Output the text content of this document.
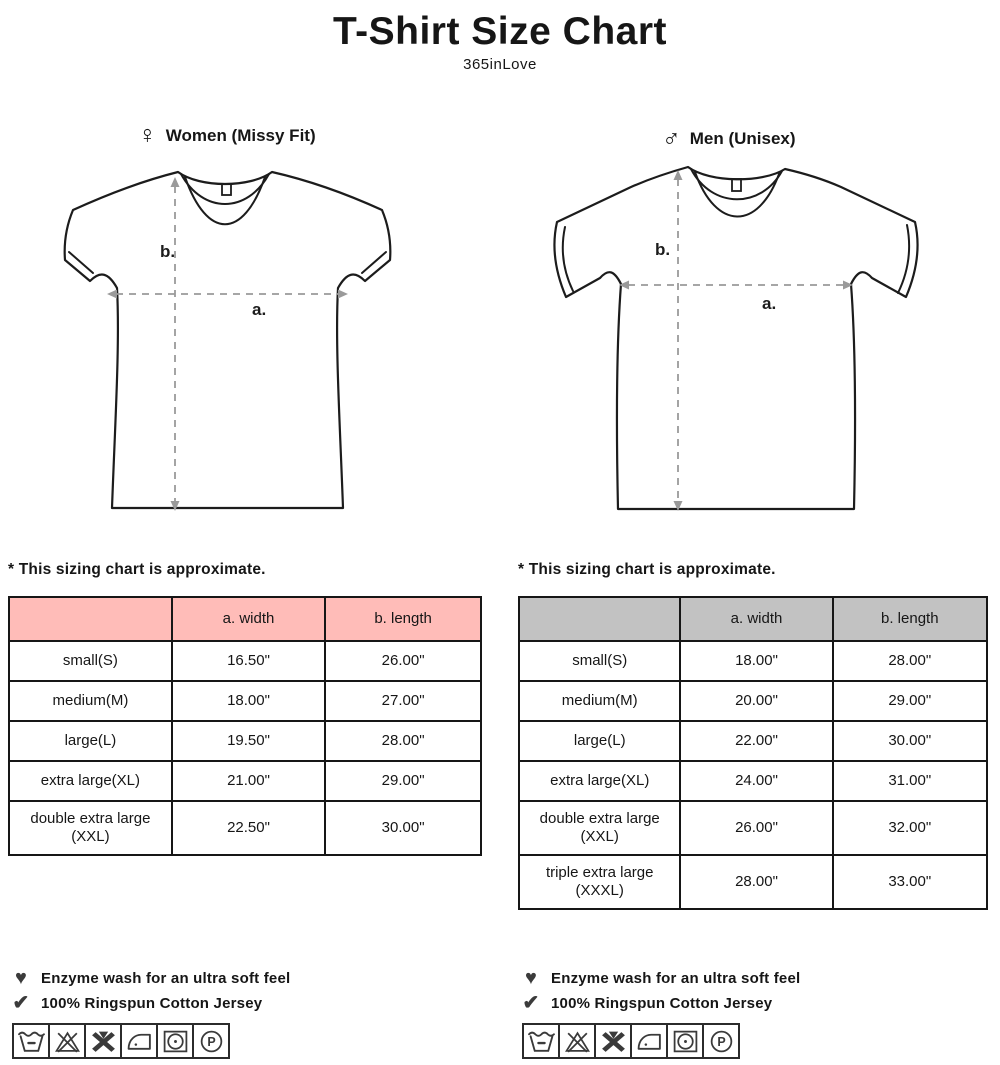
T-Shirt Size Chart
365inLove
♀ Women (Missy Fit)	♂ Men (Unisex)
b.
a.
b.
a.
* This sizing chart is approximate.	* This sizing chart is approximate.
	a. width	b. length
small(S)	16.50"	26.00"
medium(M)	18.00"	27.00"
large(L)	19.50"	28.00"
extra large(XL)	21.00"	29.00"
double extra large (XXL)	22.50"	30.00"
	a. width	b. length
small(S)	18.00"	28.00"
medium(M)	20.00"	29.00"
large(L)	22.00"	30.00"
extra large(XL)	24.00"	31.00"
double extra large (XXL)	26.00"	32.00"
triple extra large (XXXL)	28.00"	33.00"
♥ Enzyme wash for an ultra soft feel
✔ 100% Ringspun Cotton Jersey
♥ Enzyme wash for an ultra soft feel
✔ 100% Ringspun Cotton Jersey
P	P
